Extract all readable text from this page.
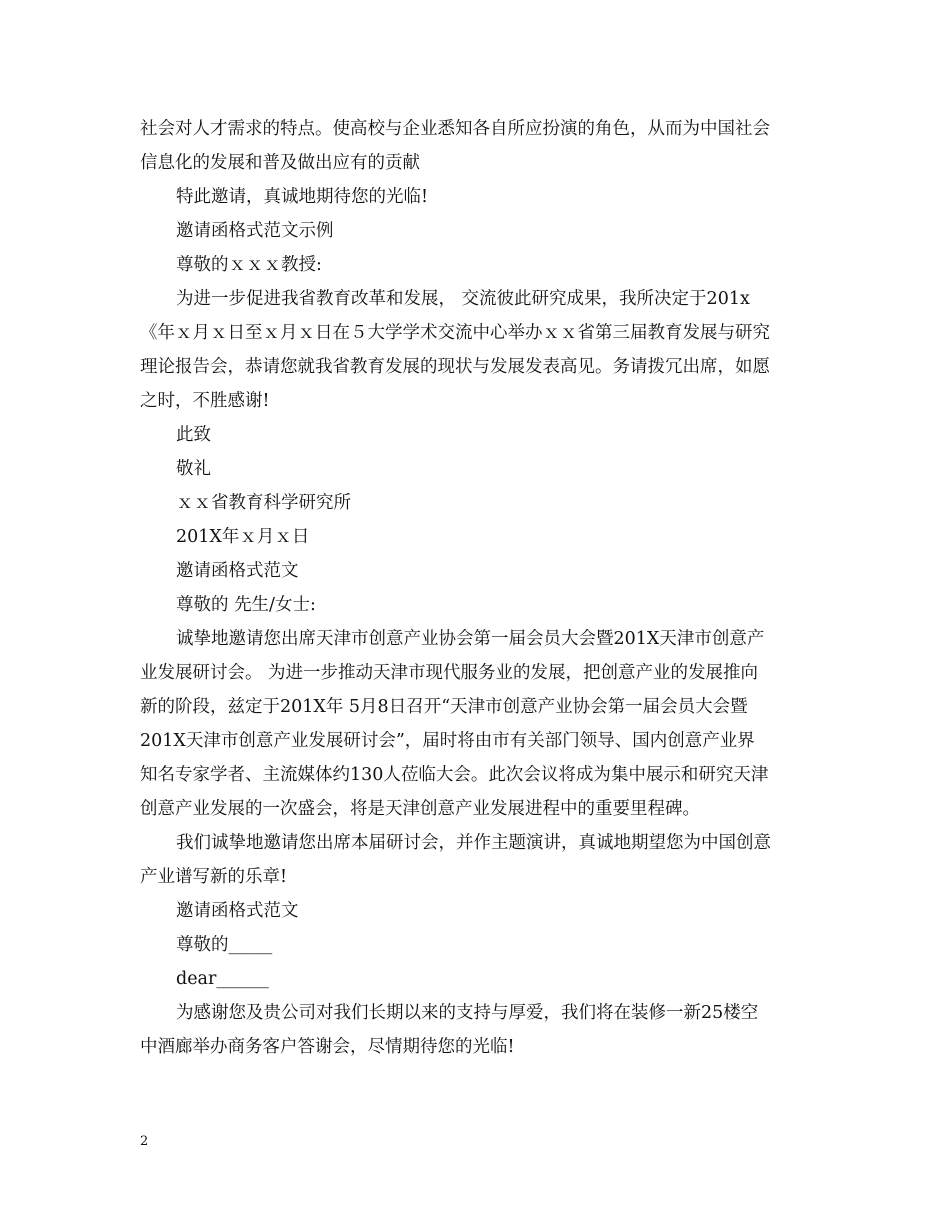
社会对人才需求的特点。使高校与企业悉知各自所应扮演的角色，从而为中国社会
信息化的发展和普及做出应有的贡献
特此邀请，真诚地期待您的光临!
邀请函格式范文示例
尊敬的ｘｘｘ教授:
为进一步促进我省教育改革和发展， 交流彼此研究成果，我所决定于201x
《年ｘ月ｘ日至ｘ月ｘ日在５大学学术交流中心举办ｘｘ省第三届教育发展与研究
理论报告会，恭请您就我省教育发展的现状与发展发表高见。务请拨冗出席，如愿
之时，不胜感谢!
此致
敬礼
ｘｘ省教育科学研究所
201X年ｘ月ｘ日
邀请函格式范文
尊敬的 先生/女士:
诚挚地邀请您出席天津市创意产业协会第一届会员大会暨201X天津市创意产
业发展研讨会。 为进一步推动天津市现代服务业的发展，把创意产业的发展推向
新的阶段，兹定于201X年 5月8日召开“天津市创意产业协会第一届会员大会暨
201X天津市创意产业发展研讨会”，届时将由市有关部门领导、国内创意产业界
知名专家学者、主流媒体约130人莅临大会。此次会议将成为集中展示和研究天津
创意产业发展的一次盛会，将是天津创意产业发展进程中的重要里程碑。
我们诚挚地邀请您出席本届研讨会，并作主题演讲，真诚地期望您为中国创意
产业谱写新的乐章!
邀请函格式范文
尊敬的_____
dear______
为感谢您及贵公司对我们长期以来的支持与厚爱，我们将在装修一新25楼空
中酒廊举办商务客户答谢会，尽情期待您的光临!
2
